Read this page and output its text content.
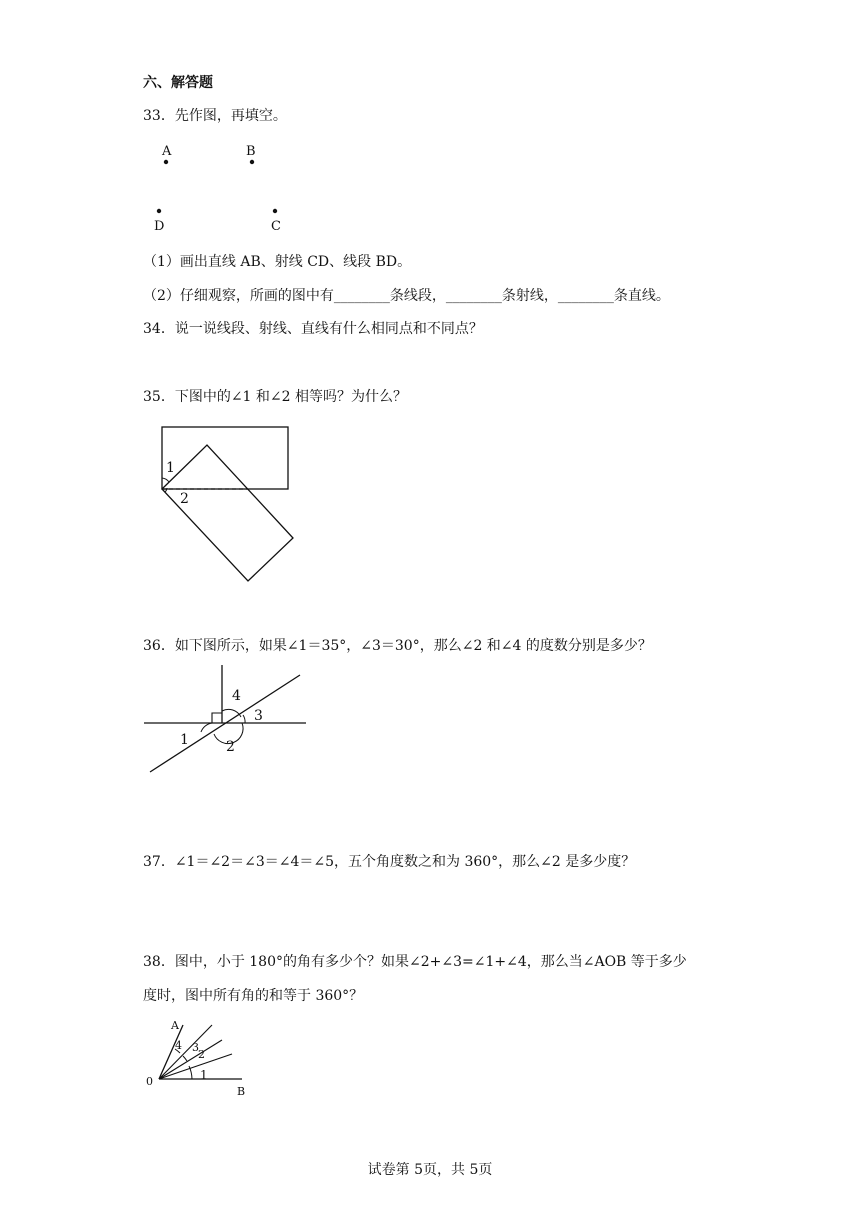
六、解答题
33．先作图，再填空。
A	B
D	C
（1）画出直线 AB、射线 CD、线段 BD。
（2）仔细观察，所画的图中有________条线段，________条射线，________条直线。
34．说一说线段、射线、直线有什么相同点和不同点？
35．下图中的∠1 和∠2 相等吗？为什么？
1
2
36．如下图所示，如果∠1＝35°，∠3＝30°，那么∠2 和∠4 的度数分别是多少？
4
3
1	2
37．∠1＝∠2＝∠3＝∠4＝∠5，五个角度数之和为 360°，那么∠2 是多少度？
38．图中，小于 180°的角有多少个？如果∠2+∠3=∠1+∠4，那么当∠AOB 等于多少
度时，图中所有角的和等于 360°？
A
0
B
1
2
3
4
试卷第 5页，共 5页
